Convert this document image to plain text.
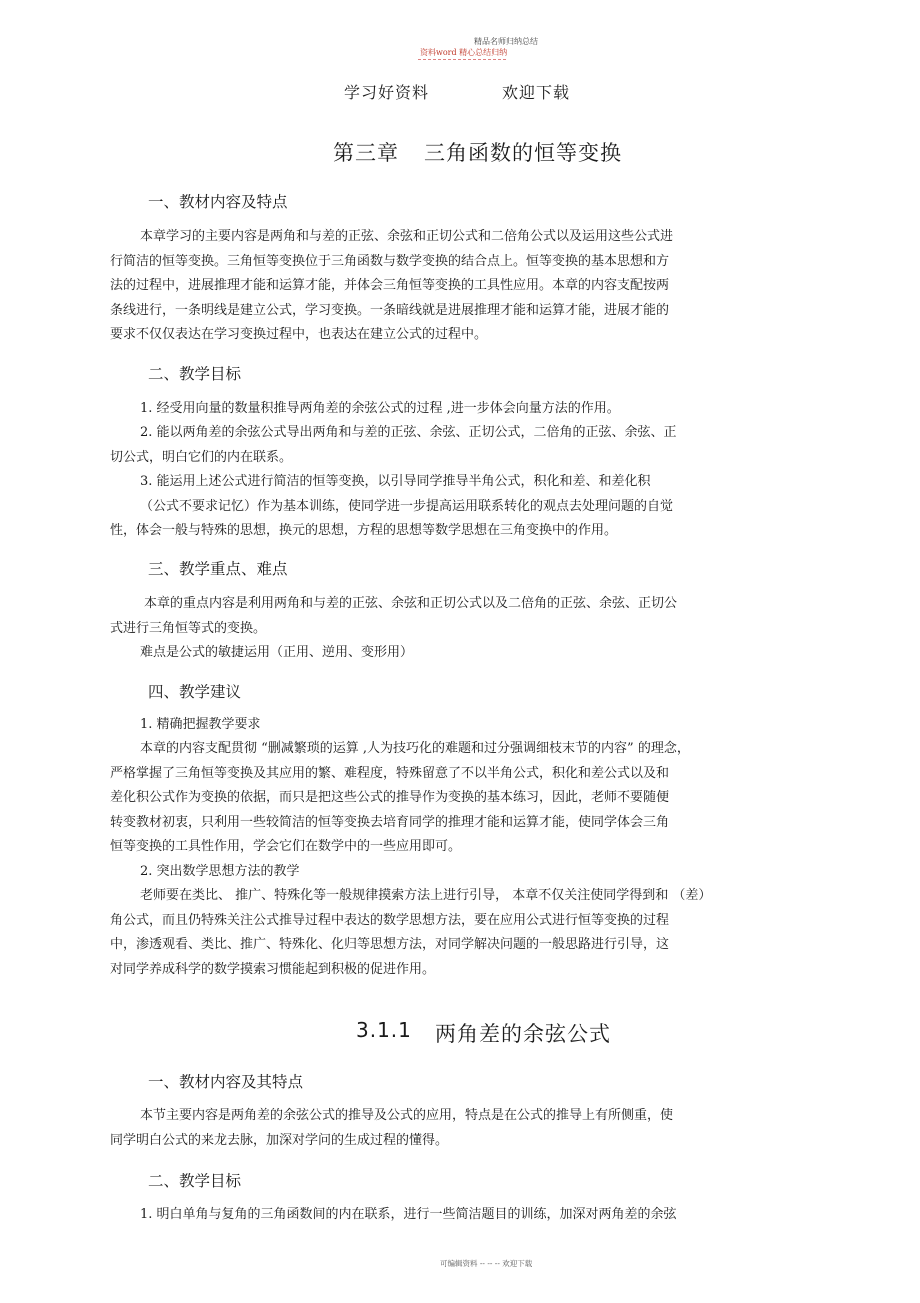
精品名师归纳总结
资料word 精心总结归纳
学习好资料	欢迎下载
第三章 三角函数的恒等变换
一、教材内容及特点
本章学习的主要内容是两角和与差的正弦、余弦和正切公式和二倍角公式以及运用这些公式进
行简洁的恒等变换。三角恒等变换位于三角函数与数学变换的结合点上。恒等变换的基本思想和方
法的过程中，进展推理才能和运算才能，并体会三角恒等变换的工具性应用。本章的内容支配按两
条线进行，一条明线是建立公式，学习变换。一条暗线就是进展推理才能和运算才能，进展才能的
要求不仅仅表达在学习变换过程中，也表达在建立公式的过程中。
二、教学目标
1. 经受用向量的数量积推导两角差的余弦公式的过程 ,进一步体会向量方法的作用。
2. 能以两角差的余弦公式导出两角和与差的正弦、余弦、正切公式，二倍角的正弦、余弦、正
切公式，明白它们的内在联系。
3. 能运用上述公式进行简洁的恒等变换，以引导同学推导半角公式，积化和差、和差化积
（公式不要求记忆）作为基本训练，使同学进一步提高运用联系转化的观点去处理问题的自觉
性，体会一般与特殊的思想，换元的思想，方程的思想等数学思想在三角变换中的作用。
三、教学重点、难点
本章的重点内容是利用两角和与差的正弦、余弦和正切公式以及二倍角的正弦、余弦、正切公
式进行三角恒等式的变换。
难点是公式的敏捷运用（正用、逆用、变形用）
四、教学建议
1. 精确把握教学要求
本章的内容支配贯彻 “删减繁琐的运算 ,人为技巧化的难题和过分强调细枝末节的内容” 的理念，
严格掌握了三角恒等变换及其应用的繁、难程度，特殊留意了不以半角公式，积化和差公式以及和
差化积公式作为变换的依据，而只是把这些公式的推导作为变换的基本练习，因此，老师不要随便
转变教材初衷，只利用一些较简洁的恒等变换去培育同学的推理才能和运算才能，使同学体会三角
恒等变换的工具性作用，学会它们在数学中的一些应用即可。
2. 突出数学思想方法的教学
老师要在类比、 推广、特殊化等一般规律摸索方法上进行引导， 本章不仅关注使同学得到和 （差）
角公式，而且仍特殊关注公式推导过程中表达的数学思想方法，要在应用公式进行恒等变换的过程
中，渗透观看、类比、推广、特殊化、化归等思想方法，对同学解决问题的一般思路进行引导，这
对同学养成科学的数学摸索习惯能起到积极的促进作用。
3.1.1 两角差的余弦公式
一、教材内容及其特点
本节主要内容是两角差的余弦公式的推导及公式的应用，特点是在公式的推导上有所侧重，使
同学明白公式的来龙去脉，加深对学问的生成过程的懂得。
二、教学目标
1. 明白单角与复角的三角函数间的内在联系，进行一些简洁题目的训练，加深对两角差的余弦
可编辑资料 -- -- -- 欢迎下载
